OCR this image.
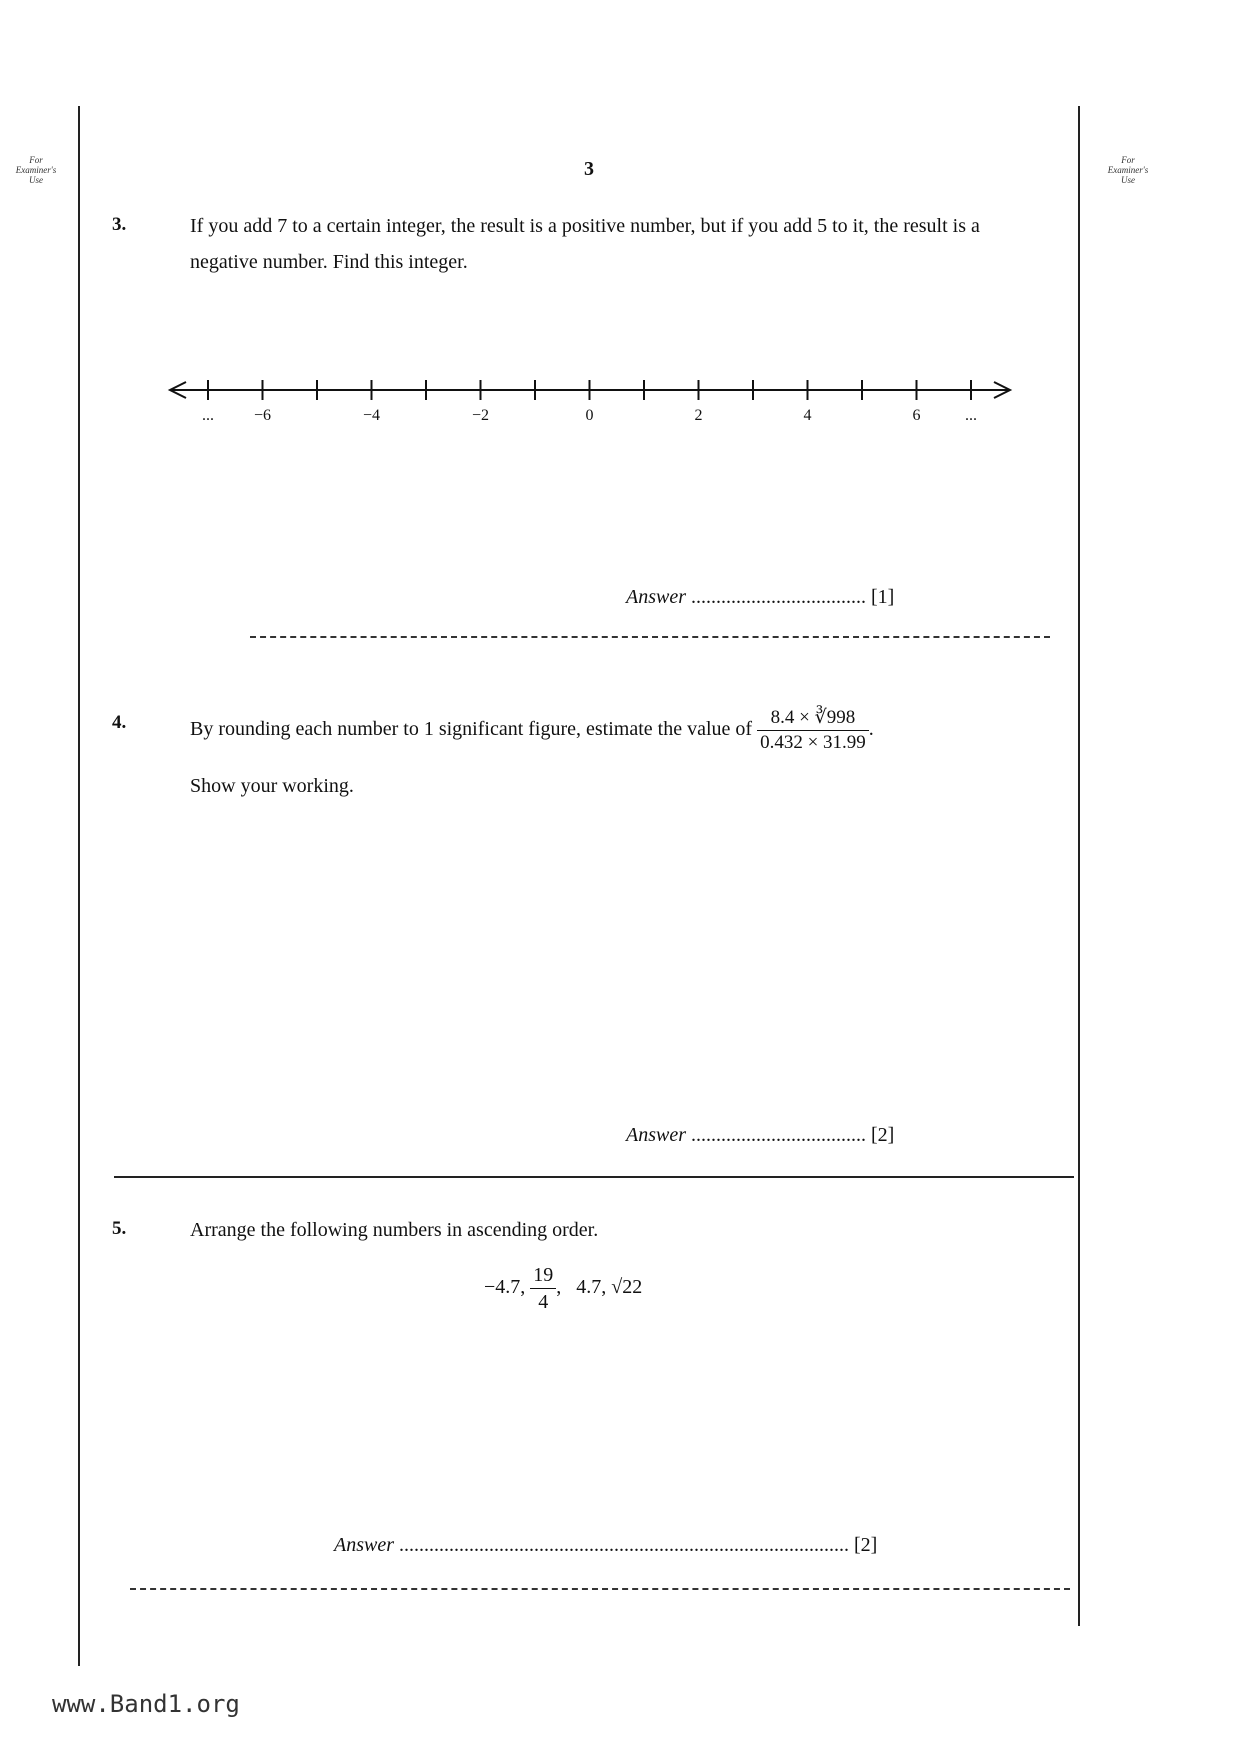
For
Examiner's
Use
For
Examiner's
Use
3
3.	If you add 7 to a certain integer, the result is a positive number, but if you add 5 to it, the result is a negative number. Find this integer.
... −6	−4	−2	0	2	4	6	...
Answer ................................... [1]
4.	By rounding each number to 1 significant figure, estimate the value of $\frac{8.4 \times ∛998}{0.432 \times 31.99}$ .
Show your working.
Answer ................................... [2]
5.	Arrange the following numbers in ascending order.
−4.7, $\frac{19}{4}$ ,   4.7, √22
Answer .......................................................................................... [2]
www.Band1.org
